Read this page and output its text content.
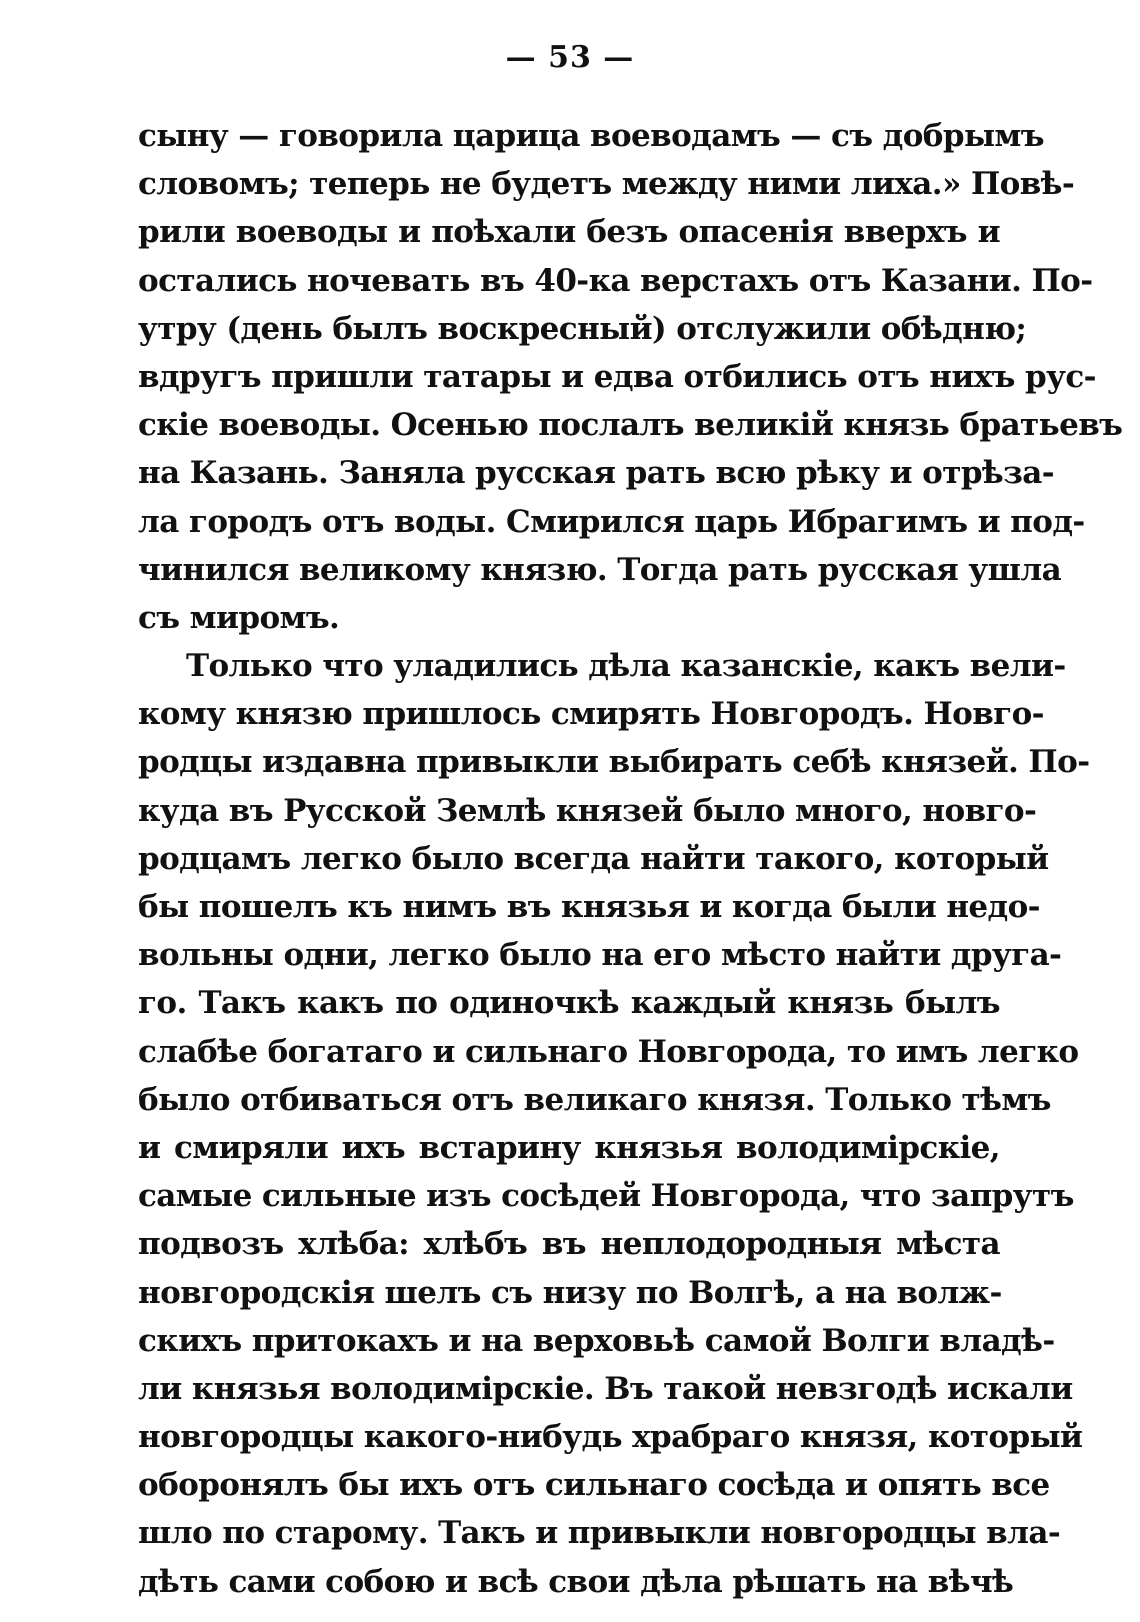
— 53 —
сыну — говорила царица воеводамъ — съ добрымъ
словомъ; теперь не будетъ между ними лиха.» Повѣ-
рили воеводы и поѣхали безъ опасенія вверхъ и
остались ночевать въ 40-ка верстахъ отъ Казани. По-
утру (день былъ воскресный) отслужили обѣдню;
вдругъ пришли татары и едва отбились отъ нихъ рус-
скіе воеводы. Осенью послалъ великій князь братьевъ
на Казань. Заняла русская рать всю рѣку и отрѣза-
ла городъ отъ воды. Смирился царь Ибрагимъ и под-
чинился великому князю. Тогда рать русская ушла
съ миромъ.
Только что уладились дѣла казанскіе, какъ вели-
кому князю пришлось смирять Новгородъ. Новго-
родцы издавна привыкли выбирать себѣ князей. По-
куда въ Русской Землѣ князей было много, новго-
родцамъ легко было всегда найти такого, который
бы пошелъ къ нимъ въ князья и когда были недо-
вольны одни, легко было на его мѣсто найти друга-
го. Такъ какъ по одиночкѣ каждый князь былъ
слабѣе богатаго и сильнаго Новгорода, то имъ легко
было отбиваться отъ великаго князя. Только тѣмъ
и смиряли ихъ встарину князья володимірскіе,
самые сильные изъ сосѣдей Новгорода, что запрутъ
подвозъ хлѣба: хлѣбъ въ неплодородныя мѣста
новгородскія шелъ съ низу по Волгѣ, а на волж-
скихъ притокахъ и на верховьѣ самой Волги владѣ-
ли князья володимірскіе. Въ такой невзгодѣ искали
новгородцы какого-нибудь храбраго князя, который
оборонялъ бы ихъ отъ сильнаго сосѣда и опять все
шло по старому. Такъ и привыкли новгородцы вла-
дѣть сами собою и всѣ свои дѣла рѣшать на вѣчѣ
